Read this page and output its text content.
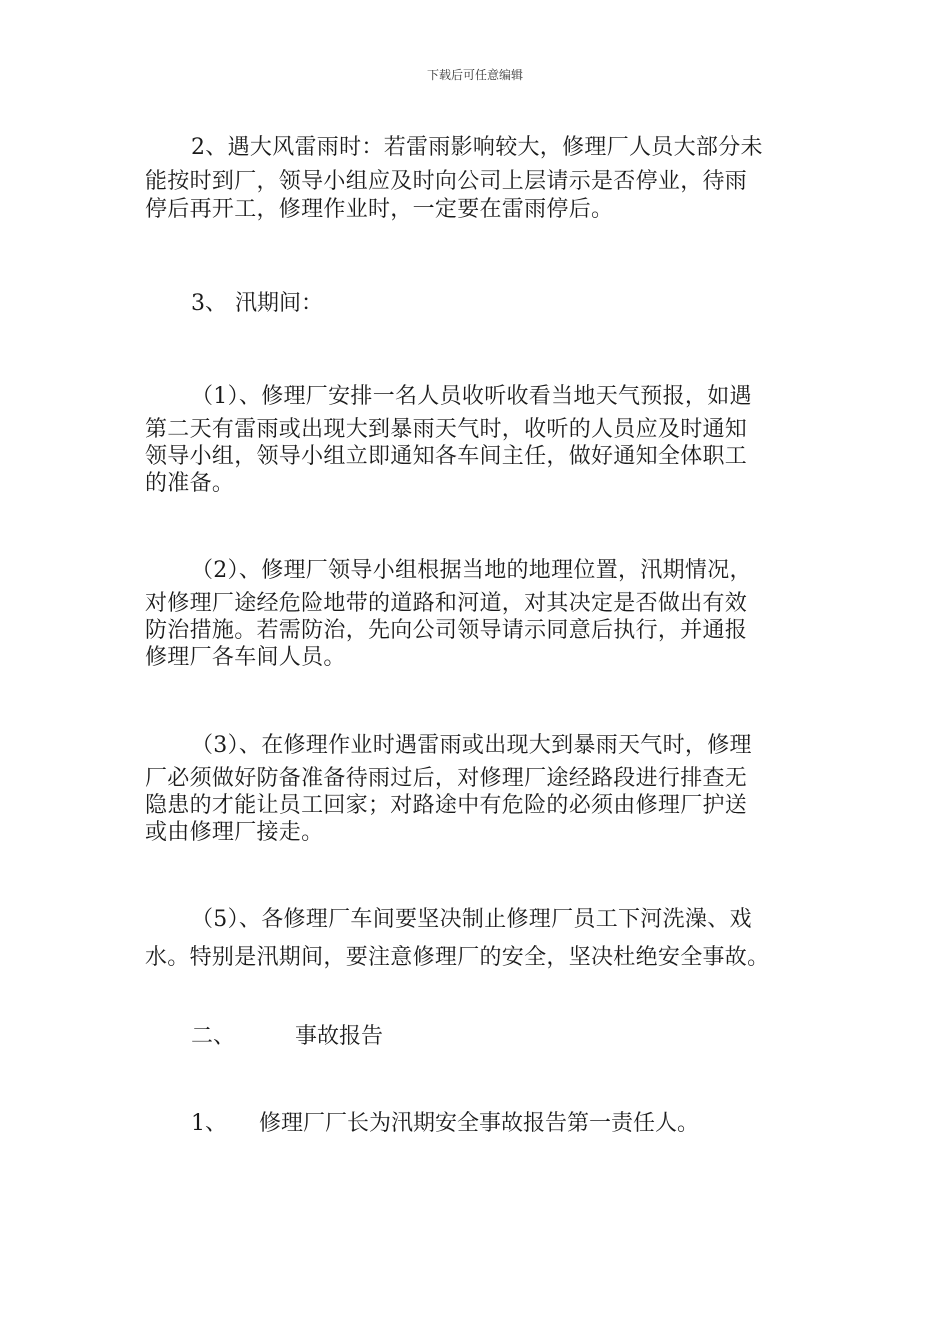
下载后可任意编辑
2、遇大风雷雨时：若雷雨影响较大，修理厂人员大部分未
能按时到厂，领导小组应及时向公司上层请示是否停业，待雨
停后再开工，修理作业时，一定要在雷雨停后。
3、 汛期间：
（1）、修理厂安排一名人员收听收看当地天气预报，如遇
第二天有雷雨或出现大到暴雨天气时，收听的人员应及时通知
领导小组，领导小组立即通知各车间主任，做好通知全体职工
的准备。
（2）、修理厂领导小组根据当地的地理位置，汛期情况，
对修理厂途经危险地带的道路和河道，对其决定是否做出有效
防治措施。若需防治，先向公司领导请示同意后执行，并通报
修理厂各车间人员。
（3）、在修理作业时遇雷雨或出现大到暴雨天气时，修理
厂必须做好防备准备待雨过后，对修理厂途经路段进行排查无
隐患的才能让员工回家；对路途中有危险的必须由修理厂护送
或由修理厂接走。
（5）、各修理厂车间要坚决制止修理厂员工下河洗澡、戏
水。特别是汛期间，要注意修理厂的安全，坚决杜绝安全事故。
二、	事故报告
1、 修理厂厂长为汛期安全事故报告第一责任人。
